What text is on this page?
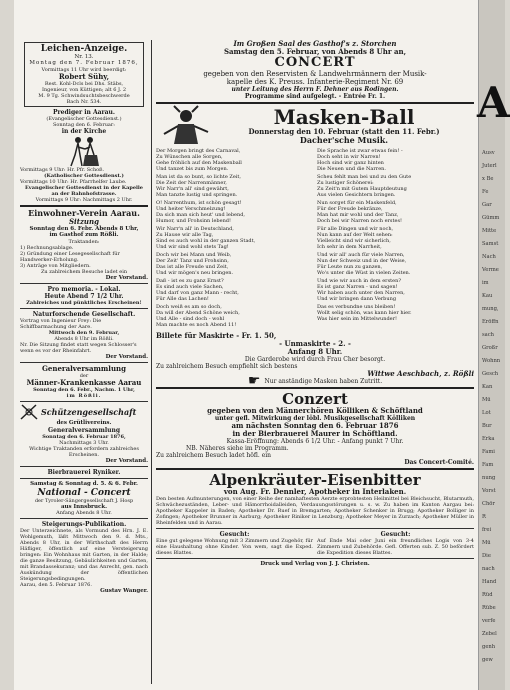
Leichen-Anzeige.
Nr. 13.
Montag den 7. Februar 1876,
Vormittags 11 Uhr wird beerdigt:
Robert Sühy,
Rest. Kohl-Dcls bei Dhs. Stäbs,
Ingenieur, von Küttigen; alt 6 J. 2
M. 9 Tg. Schwindsuchtsbeschwerde
Bach Nr. 534.
Prediger in Aarau.
(Evangelischer Gottesdienst.)
Sonntag den 6. Februar:
in der Kirche
Vormittags 9 Uhr: Hr. Pfr. Schoß.
(Katholischer Gottesdienst.)
Vormittags 10 Uhr: Hr. Pfarrhelfer Laube.
Evangelischer Gottesdienst in der Kapelle
an der Bahnhofstrasse.
Vormittags 9 Uhr: Nachmittags 2 Uhr.
Einwohner-Verein Aarau.
Sitzung
Sonntag den 6. Febr. Abends 8 Uhr,
im Gasthof zum Rößli.
Traktanden:
1) Rechnungsablage.
2) Gründung einer Lesegesellschaft für Handwerker-Erholung.
3) Anträge von Mitgliedern.
Zu zahlreichem Besuche ladet ein
Der Vorstand.
Pro memoria. - Lokal.
Heute Abend 7 1/2 Uhr.
Zahlreiches und pünktliches Erscheinen!
Naturforschende Gesellschaft.
Vortrag von Ingenieur Frey: Die Schiffbarmachung der Aare.
Mittwoch den 9. Februar,
Abends 8 Uhr im Rößli.
Nr. Die Sitzung findet statt wegen Schlosser's
wenn es vor der Rheinfahrt.
Der Vorstand.
Generalversammlung
der
Männer-Krankenkasse Aarau
Sonntag den 6. Febr., Nachm. 1 Uhr,
im Rößli.
Schützengesellschaft
des Grütlivereins.
Generalversammlung
Sonntag den 6. Februar 1876,
Nachmittags 3 Uhr.
Wichtige Traktanden erfordern zahlreiches Erscheinen.
Der Vorstand.
Bierbrauerei Ryniker.
Samstag & Sonntag d. 5. & 6. Febr.
National - Concert
der Tyroler-Sängergesellschaft J. Hosp
aus Innsbruck.
Anfang Abends 8 Uhr.
Steigerungs-Publikation.
Der Unterzeichnete, als Vormund des Hrn. J. E. Wohlgemuth, läßt Mittwoch den 9. d. Mts., Abends 8 Uhr, in der Wirthschaft des Herrn Häfliger, öffentlich auf eine Versteigerung bringen: Ein Wohnhaus mit Garten, in der Halde; die ganze Besitzung, Gebäulichkeiten und Garten, mit Brandassekuranz; und das Anrecht, gen. nach Auskündung der öffentlichen Steigerungsbedingungen.
Aarau, den 5. Februar 1876.
Gustav Wanger.
Im Großen Saal des Gasthof's z. Storchen
Samstag den 5. Februar, von Abends 8 Uhr an,
CONCERT
gegeben von den Reservisten & Landwehrmännern der Musik-
kapelle des K. Preuss. Infanterie-Regiment Nr. 69
unter Leitung des Herrn F. Dehner aus Rodingen.
Programme sind aufgelegt. - Entrée Fr. 1.
Masken-Ball
Donnerstag den 10. Februar (statt den 11. Febr.)
Dacher'sche Musik.
Der Morgen bringt des Carnaval,
Zu Wünschen alle Sorgen,
Gehe fröhlich auf den Maskenball
Und tanzet bis zum Morgen.
Man ist da so bunt, so lichte Zeit,
Die Zeit der Narrenmänner,
Wir Narr'n all' sind gewährt,
Man tanzte lustig und springen.
O! Narrenthum, ist schön gesagt!
Und heiter Verschmelzung!
Da sich man sich heut' und lebend,
Humor, und Frohsinn lebend!
Wir Narr'n all' in Deutschland,
Zu Hause wir alle Tag,
Sind es auch wohl in der ganzen Stadt,
Und wir sind wohl stets Tag!
Doch wir bei Mann und Weib,
Der Zeit' Tanz und Frohsinn,
Das ist alle Freude und Zeit,
Und wir mögen's neu bringen.
Daß - ist es zu ganz Ernst?
Es sind auch viele Sachen,
Und darf von ganz Mann - recht,
Für Alle das Lachen!
Doch weiß es am so doch,
Da will der Abend Schöne weich,
Und Alle - sind doch - wohl
Man machte es noch Abend 11!
Die Sprache ist zwar etwas fein! -
Doch seht in wir Narren!
Hoch sind wir ganz hinten
Die Neuen und die Narren.
Scheu fehlt man bei und zu den Gute
Zu lustiger Schönerei:
Zu Zeit'n mit Gutem Hauptdeutung
Aus vielen Gesichtern bringen.
Nun sorget für ein Maskenfeld,
Für der Freude bekränze,
Man hat mir wohl und der Tanz,
Doch bei wir Narren noch erstes!
Für alle Dingen und wir noch,
Nun kann auf der Welt sehen:
Vielleicht sind wir sicherlich,
Ich sehr in dem Narrheit,
Und wir all' auch für viele Narren,
Nun der Schweiz und in der Weise,
Für Leute nun zu ganzen,
Wo's unter die Wüst in vielen Zeiten.
Und wie wir auch in dem ersten?
Es ist ganz Narren - und sagen!
Wir haben auch unter den Narren,
Und wir bringen dann Verbung
Das es verbundne uns bleiben!
Wollt selig schön, was kann hier hier.
Was hier sein im Mittelwunder!
Billete für Maskirte - Fr. 1. 50,
- Unmaskirte - 2. -
Anfang 8 Uhr.
Die Garderobe wird durch Frau Cher besorgt.
Zu zahlreichem Besuch empfiehlt sich bestens
Wittwe Aeschbach, z. Rößli
☛ Nur anständige Masken haben Zutritt.
Conzert
gegeben von den Männerchören Kölliken & Schöftland
unter gefl. Mitwirkung der löbl. Musikgesellschaft Kölliken
am nächsten Sonntag den 6. Februar 1876
in der Bierbrauerei Maurer in Schöftland.
Kassa-Eröffnung: Abends 6 1/2 Uhr. - Anfang punkt 7 Uhr.
NB. Näheres siehe im Programm.
Zu zahlreichem Besuch ladet höfl. ein
Das Concert-Comité.
Alpenkräuter-Eisenbitter
von Aug. Fr. Dennler, Apotheker in Interlaken.
Den besten Aufmunterungen, von einer Reihe der namhaftesten Aerzte erprobtesten Heilmittel bei Bleichsucht, Blutarmuth, Schwächezuständen, Leber- und Hämorrhoidalleiden, Verdauungsstörungen u. s. w. Zu haben im Kanton Aargau bei: Apotheker Kappeler in Baden; Apotheker Dr. Ruef in Bremgarten; Apotheker Schenker in Brugg; Apotheker Bolliger in Zofingen; Apotheker Brunner in Aarburg; Apotheker Riniker in Lenzburg; Apotheker Meyer in Zurzach; Apotheker Müller in Rheinfelden und in Aarau.
Gesucht:
Eine gut gelegene Wohnung mit 3 Zimmern und Zugehör, für eine Haushaltung ohne Kinder. Von wem, sagt die Exped. dieses Blattes.
Gesucht:
Auf Ende Mai oder Juni ein freundliches Logis von 3-4 Zimmern und Zubehörde. Gefl. Offerten sub. Z. 50 befördert die Expedition dieses Blattes.
Druck und Verlag von J. J. Christen.
A
Ausv
Juterl
x Be
Fe
Gar
Gümm
Mitte
Samst
Nach
Verme
im
Kau
mung,
Eröffn
sach
Großr
Wohnn
Gesch
Kan
Mü
Lot
Bur
Erka
Fami
Fam
nung
Vorst
Chör
R
frei
Mü
Die
nach
Hand
Rüd
Rübe
verfe
Zebel
genh
gew
